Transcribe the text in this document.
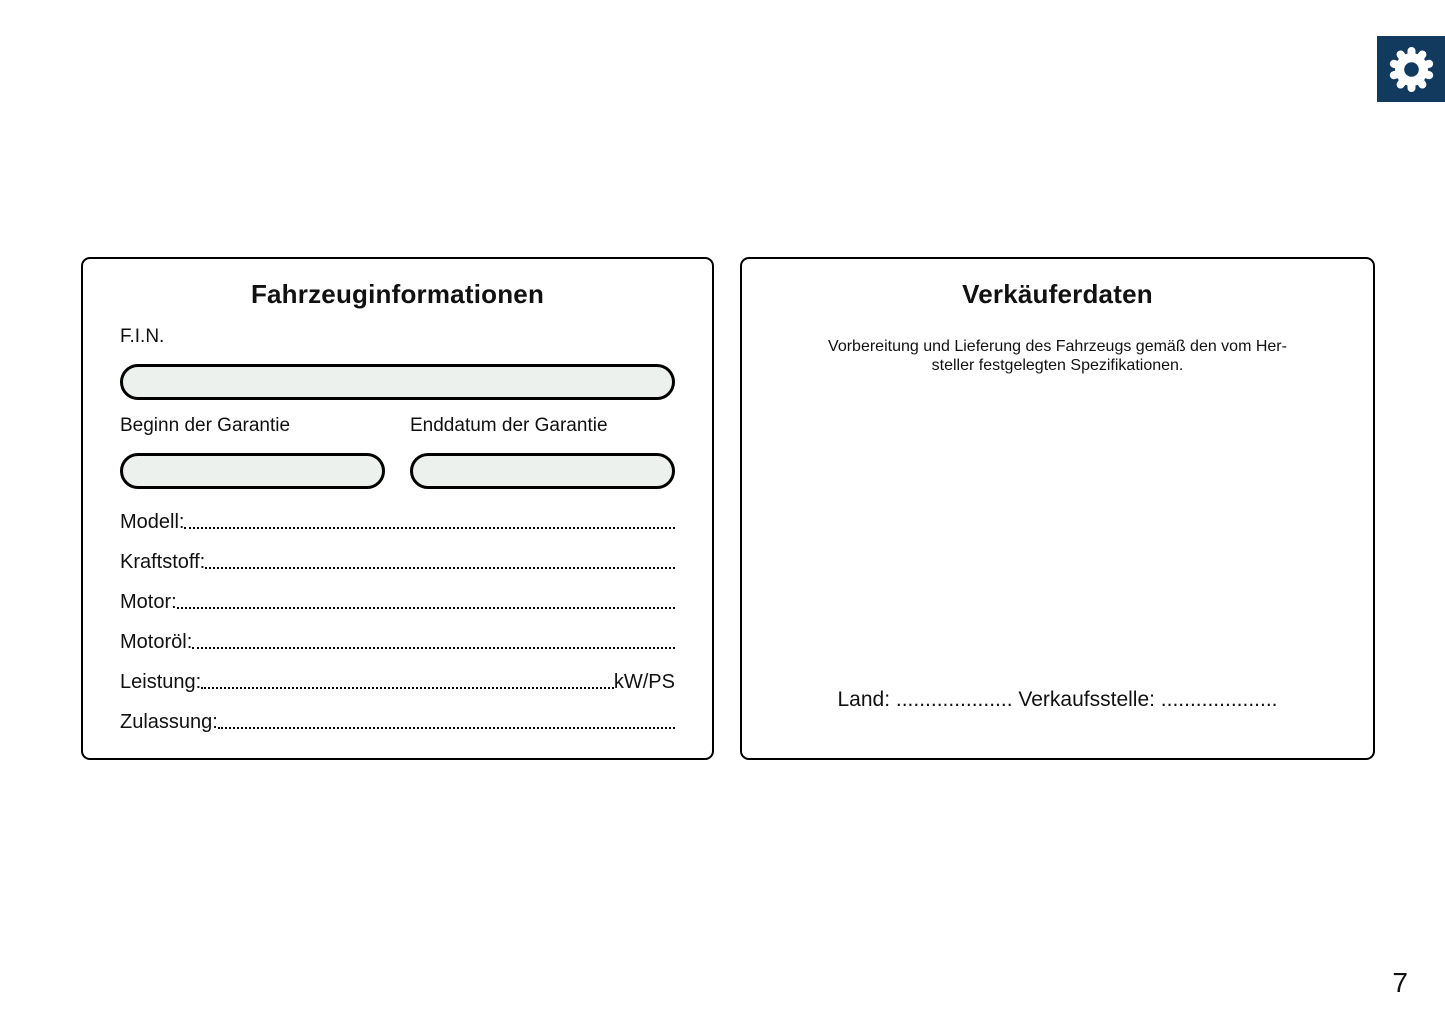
Fahrzeuginformationen
F.I.N.
Beginn der Garantie	Enddatum der Garantie
Modell:
Kraftstoff:
Motor:
Motoröl:
Leistung:	kW/PS
Zulassung:
Verkäuferdaten

Vorbereitung und Lieferung des Fahrzeugs gemäß den vom Her-
steller festgelegten Spezifikationen.

Land: .................... Verkaufsstelle: ....................
7
